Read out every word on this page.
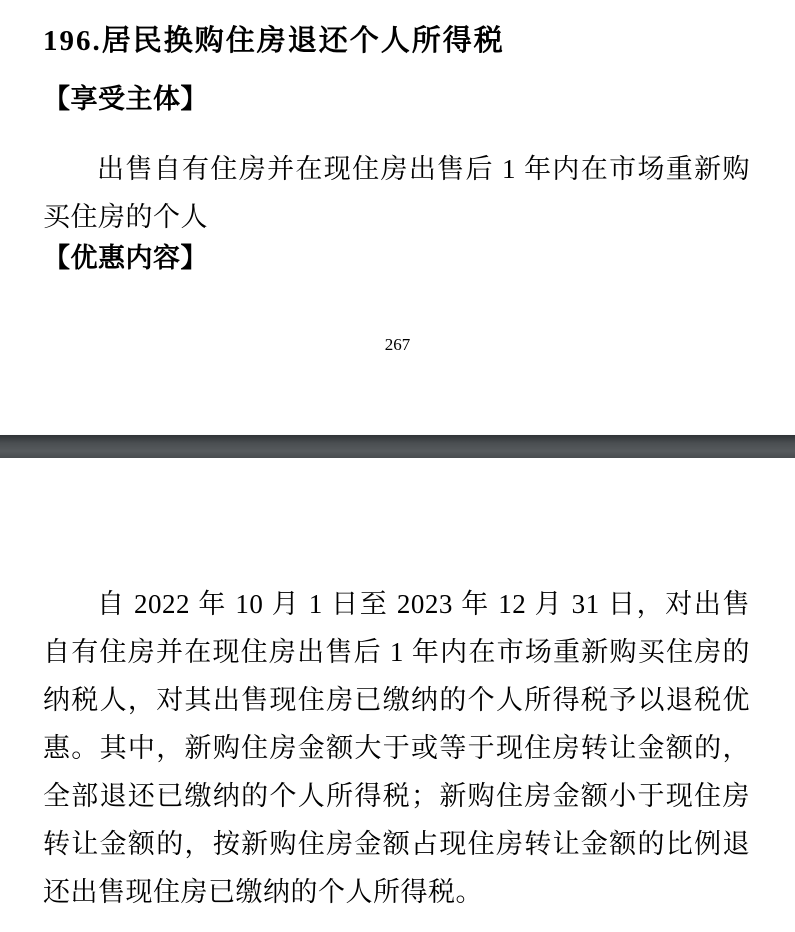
196.居民换购住房退还个人所得税
【享受主体】

出售自有住房并在现住房出售后 1 年内在市场重新购买住房的个人

【优惠内容】
267

自 2022 年 10 月 1 日至 2023 年 12 月 31 日，对出售自有住房并在现住房出售后 1 年内在市场重新购买住房的纳税人，对其出售现住房已缴纳的个人所得税予以退税优惠。其中，新购住房金额大于或等于现住房转让金额的，全部退还已缴纳的个人所得税；新购住房金额小于现住房转让金额的，按新购住房金额占现住房转让金额的比例退还出售现住房已缴纳的个人所得税。
